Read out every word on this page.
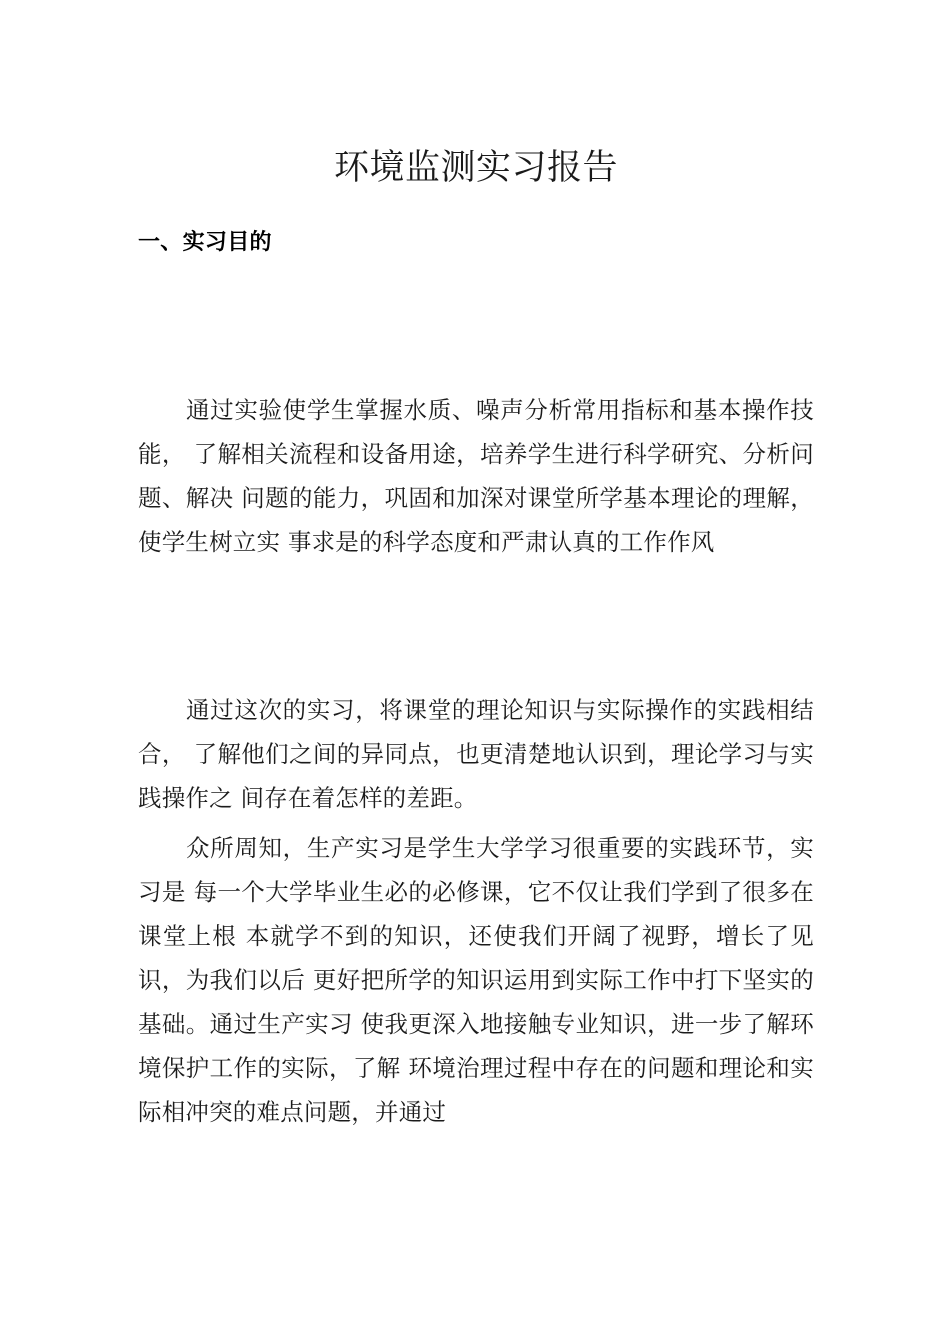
环境监测实习报告
一、实习目的

通过实验使学生掌握水质、噪声分析常用指标和基本操作技能， 了解相关流程和设备用途，培养学生进行科学研究、分析问题、解决 问题的能力，巩固和加深对课堂所学基本理论的理解，使学生树立实 事求是的科学态度和严肃认真的工作作风

通过这次的实习，将课堂的理论知识与实际操作的实践相结合， 了解他们之间的异同点，也更清楚地认识到，理论学习与实践操作之 间存在着怎样的差距。

众所周知，生产实习是学生大学学习很重要的实践环节，实习是 每一个大学毕业生必的必修课，它不仅让我们学到了很多在课堂上根 本就学不到的知识，还使我们开阔了视野，增长了见识，为我们以后 更好把所学的知识运用到实际工作中打下坚实的基础。通过生产实习 使我更深入地接触专业知识，进一步了解环境保护工作的实际，了解 环境治理过程中存在的问题和理论和实际相冲突的难点问题，并通过
